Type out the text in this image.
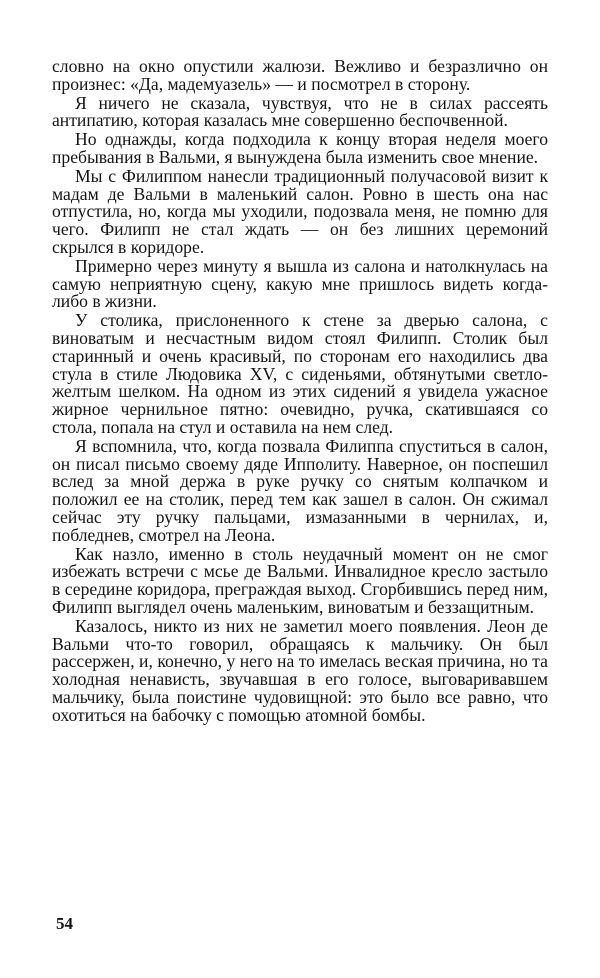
словно на окно опустили жалюзи. Вежливо и безразлично он произнес: «Да, мадемуазель» — и посмотрел в сторону.

Я ничего не сказала, чувствуя, что не в силах рассеять антипатию, которая казалась мне совершенно беспочвенной.

Но однажды, когда подходила к концу вторая неделя моего пребывания в Вальми, я вынуждена была изменить свое мнение.

Мы с Филиппом нанесли традиционный получасовой визит к мадам де Вальми в маленький салон. Ровно в шесть она нас отпустила, но, когда мы уходили, подозвала меня, не помню для чего. Филипп не стал ждать — он без лишних церемоний скрылся в коридоре.

Примерно через минуту я вышла из салона и натолкнулась на самую неприятную сцену, какую мне пришлось видеть когда-либо в жизни.

У столика, прислоненного к стене за дверью салона, с виноватым и несчастным видом стоял Филипп. Столик был старинный и очень красивый, по сторонам его находились два стула в стиле Людовика XV, с сиденьями, обтянутыми светло-желтым шелком. На одном из этих сидений я увидела ужасное жирное чернильное пятно: очевидно, ручка, скатившаяся со стола, попала на стул и оставила на нем след.

Я вспомнила, что, когда позвала Филиппа спуститься в салон, он писал письмо своему дяде Ипполиту. Наверное, он поспешил вслед за мной держа в руке ручку со снятым колпачком и положил ее на столик, перед тем как зашел в салон. Он сжимал сейчас эту ручку пальцами, измазанными в чернилах, и, побледнев, смотрел на Леона.

Как назло, именно в столь неудачный момент он не смог избежать встречи с мсье де Вальми. Инвалидное кресло застыло в середине коридора, преграждая выход. Сгорбившись перед ним, Филипп выглядел очень маленьким, виноватым и беззащитным.

Казалось, никто из них не заметил моего появления. Леон де Вальми что-то говорил, обращаясь к мальчику. Он был рассержен, и, конечно, у него на то имелась веская причина, но та холодная ненависть, звучавшая в его голосе, выговаривавшем мальчику, была поистине чудовищной: это было все равно, что охотиться на бабочку с помощью атомной бомбы.

54
